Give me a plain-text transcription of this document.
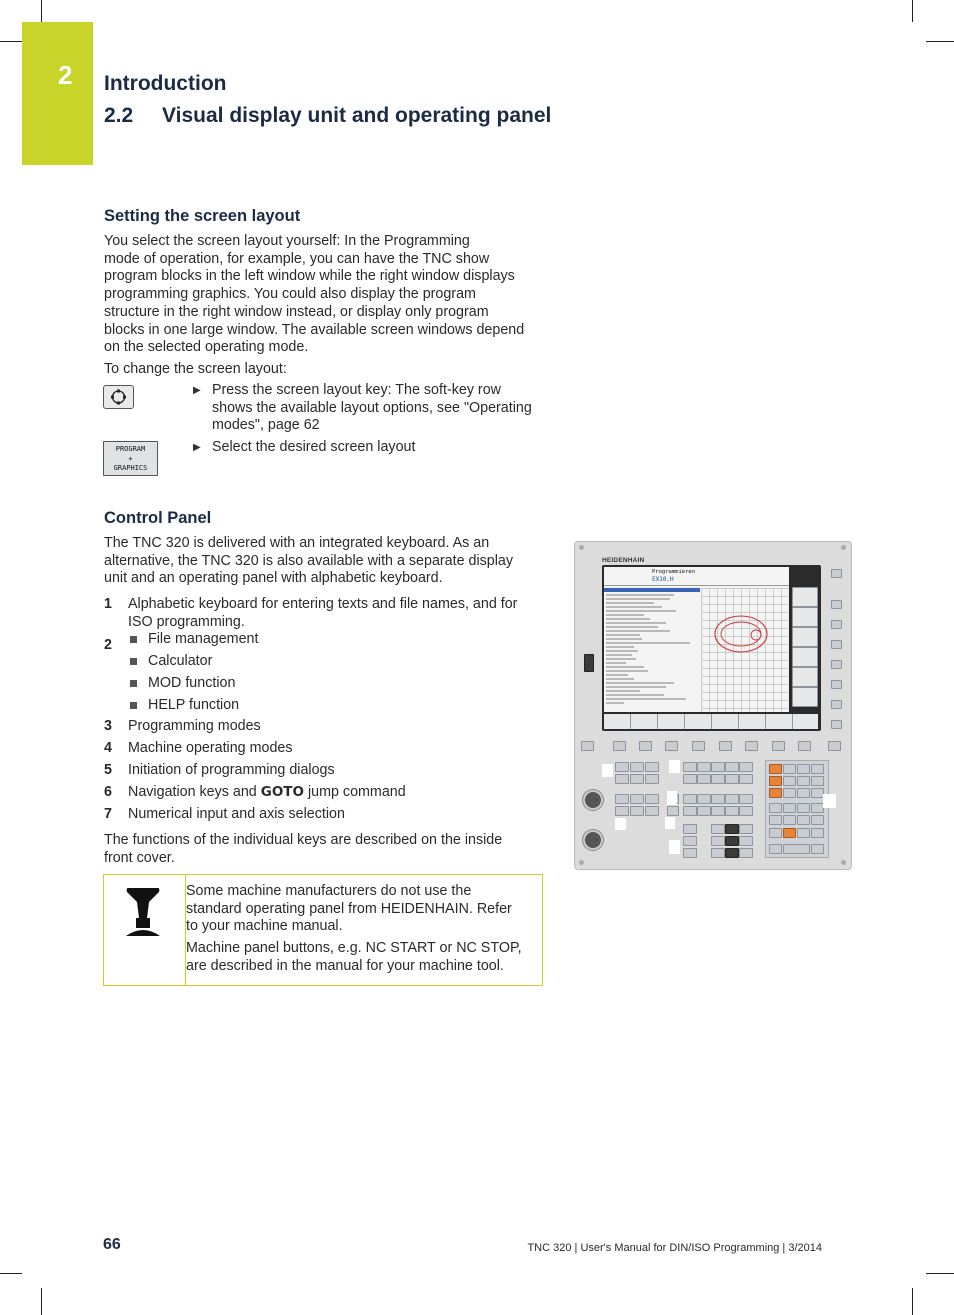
2 Introduction
2.2 Visual display unit and operating panel
Setting the screen layout
You select the screen layout yourself: In the Programming
mode of operation, for example, you can have the TNC show
program blocks in the left window while the right window displays
programming graphics. You could also display the program
structure in the right window instead, or display only program
blocks in one large window. The available screen windows depend
on the selected operating mode.
To change the screen layout:
▶ Press the screen layout key: The soft-key row
shows the available layout options, see "Operating
modes", page 62
PROGRAM
+
GRAPHICS
▶ Select the desired screen layout
Control Panel
The TNC 320 is delivered with an integrated keyboard. As an
alternative, the TNC 320 is also available with a separate display
unit and an operating panel with alphabetic keyboard.
1 Alphabetic keyboard for entering texts and file names, and for
ISO programming.
2	File management
Calculator
MOD function
HELP function
3 Programming modes
4 Machine operating modes
5 Initiation of programming dialogs
6 Navigation keys and GOTO jump command
7 Numerical input and axis selection
The functions of the individual keys are described on the inside
front cover.
Some machine manufacturers do not use the
standard operating panel from HEIDENHAIN. Refer
to your machine manual.
Machine panel buttons, e.g. NC START or NC STOP,
are described in the manual for your machine tool.
HEIDENHAIN
Programmieren
EX10.H
66	TNC 320 | User's Manual for DIN/ISO Programming | 3/2014
